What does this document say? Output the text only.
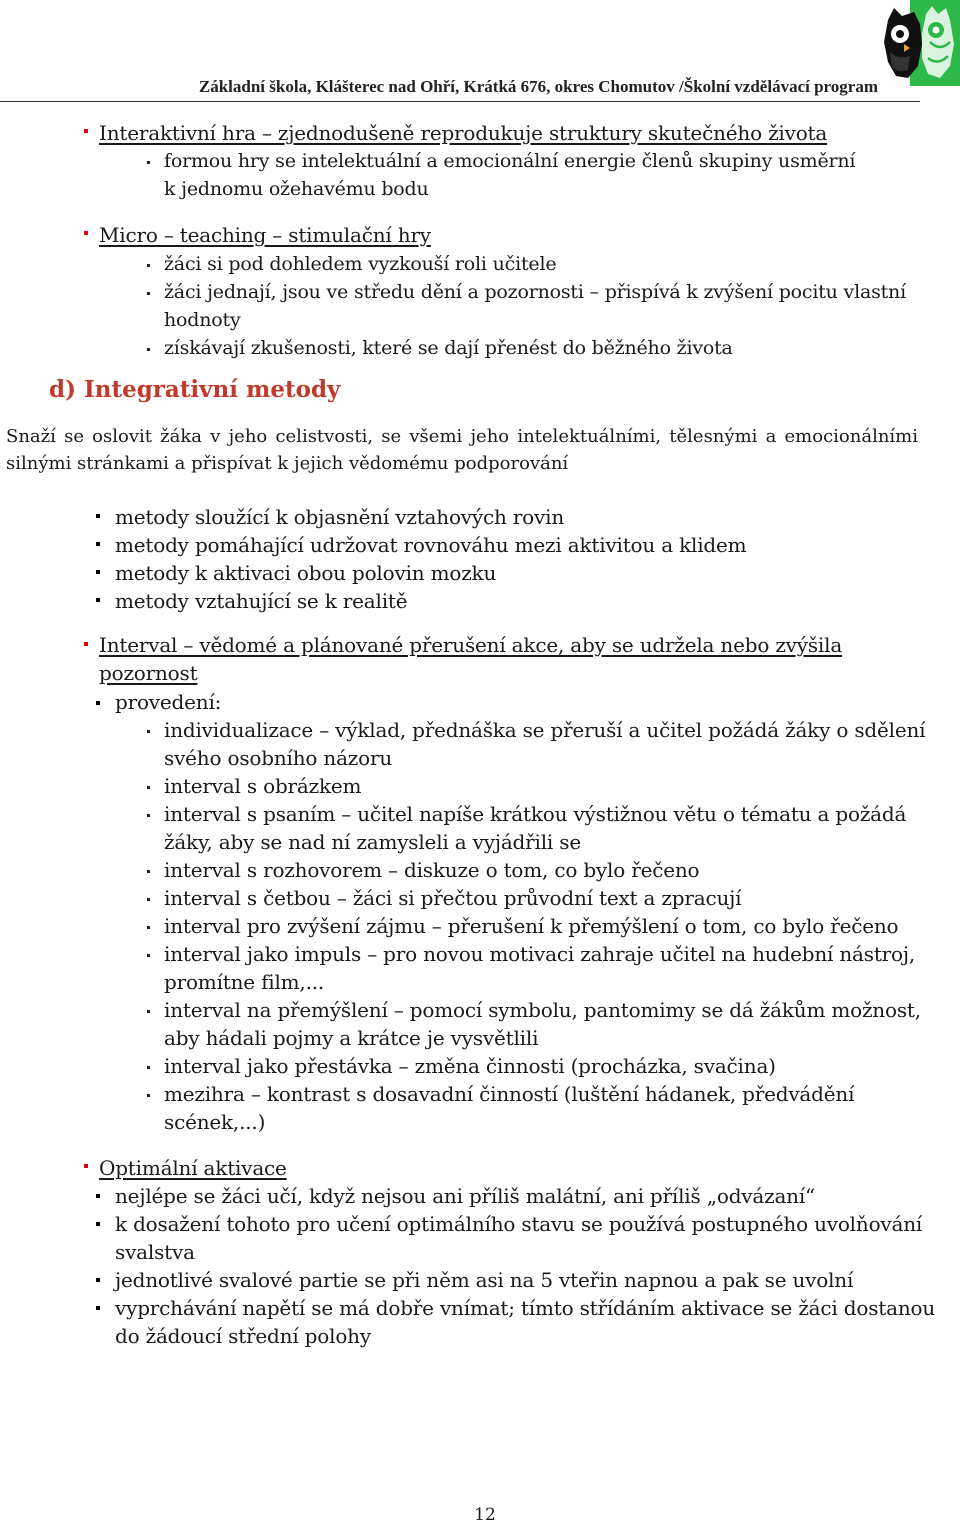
Základní škola, Klášterec nad Ohří, Krátká 676, okres Chomutov /Školní vzdělávací program
Interaktivní hra – zjednodušeně reprodukuje struktury skutečného života
formou hry se intelektuální a emocionální energie členů skupiny usměrní
k jednomu ožehavému bodu
Micro – teaching – stimulační hry
žáci si pod dohledem vyzkouší roli učitele
žáci jednají, jsou ve středu dění a pozornosti – přispívá k zvýšení pocitu vlastní
hodnoty
získávají zkušenosti, které se dají přenést do běžného života
d) Integrativní metody
Snaží se oslovit žáka v jeho celistvosti, se všemi jeho intelektuálními, tělesnými a emocionálními silnými stránkami a přispívat k jejich vědomému podporování
metody sloužící k objasnění vztahových rovin
metody pomáhající udržovat rovnováhu mezi aktivitou a klidem
metody k aktivaci obou polovin mozku
metody vztahující se k realitě
Interval – vědomé a plánované přerušení akce, aby se udržela nebo zvýšila
pozornost
provedení:
individualizace – výklad, přednáška se přeruší a učitel požádá žáky o sdělení
svého osobního názoru
interval s obrázkem
interval s psaním – učitel napíše krátkou výstižnou větu o tématu a požádá
žáky, aby se nad ní zamysleli a vyjádřili se
interval s rozhovorem – diskuze o tom, co bylo řečeno
interval s četbou – žáci si přečtou průvodní text a zpracují
interval pro zvýšení zájmu – přerušení k přemýšlení o tom, co bylo řečeno
interval jako impuls – pro novou motivaci zahraje učitel na hudební nástroj,
promítne film,...
interval na přemýšlení – pomocí symbolu, pantomimy se dá žákům možnost,
aby hádali pojmy a krátce je vysvětlili
interval jako přestávka – změna činnosti (procházka, svačina)
mezihra – kontrast s dosavadní činností (luštění hádanek, předvádění
scének,...)
Optimální aktivace
nejlépe se žáci učí, když nejsou ani příliš malátní, ani příliš „odvázaní“
k dosažení tohoto pro učení optimálního stavu se používá postupného uvolňování
svalstva
jednotlivé svalové partie se při něm asi na 5 vteřin napnou a pak se uvolní
vyprchávání napětí se má dobře vnímat; tímto střídáním aktivace se žáci dostanou
do žádoucí střední polohy
12
